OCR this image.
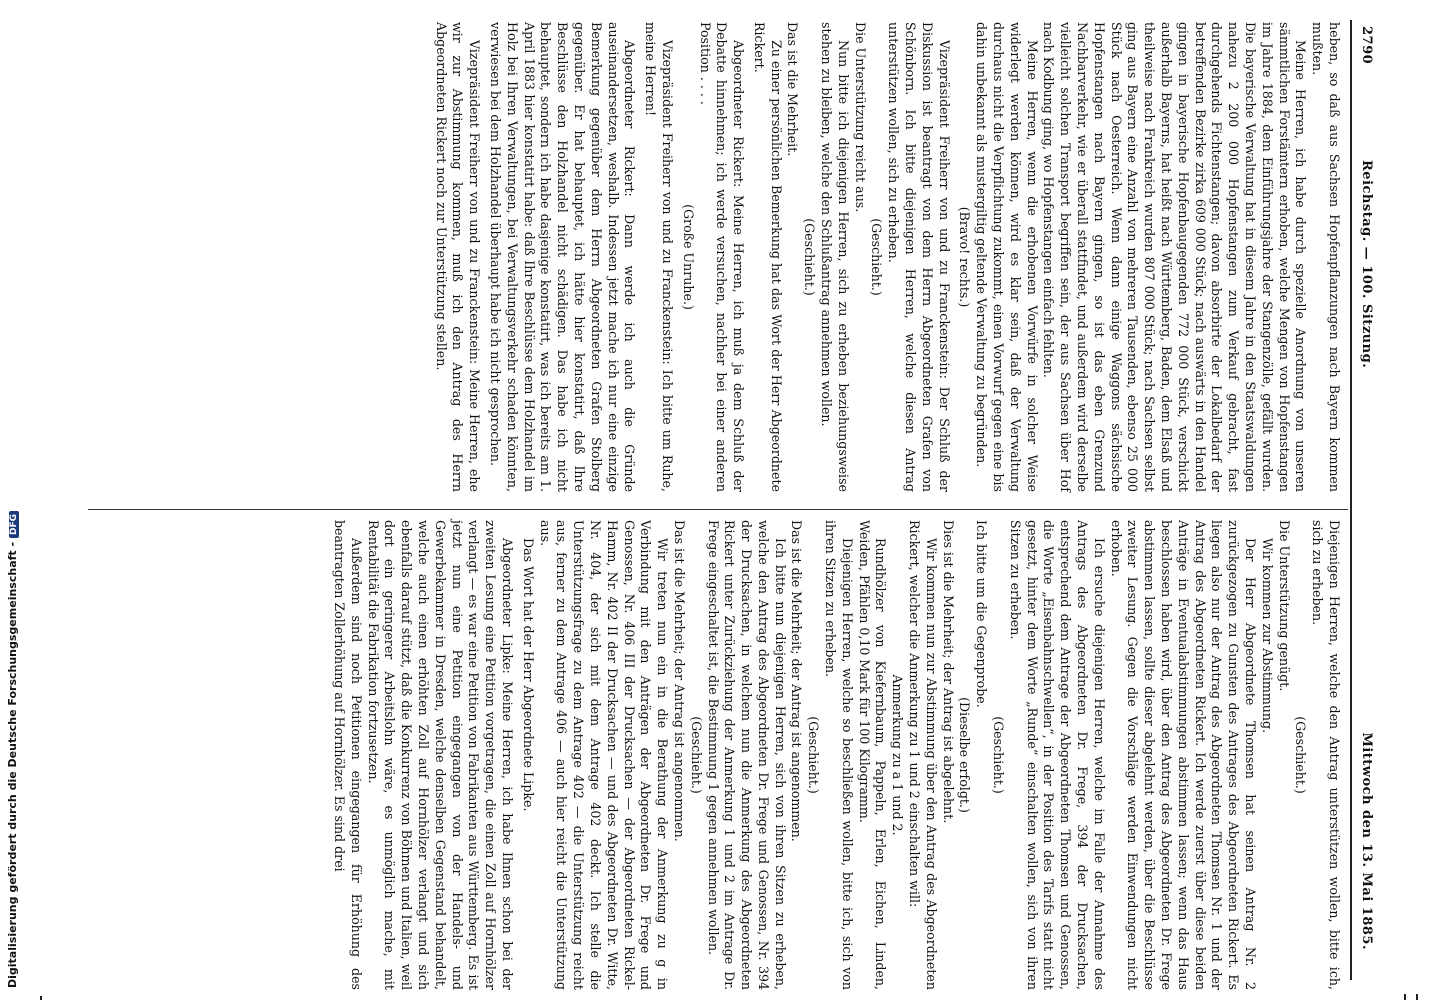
2790
Reichstag. — 100. Sitzung.
Mittwoch den 13. Mai 1885.

heben, so daß aus Sachsen Hopfenpflanzungen nach Bayern kommen mußten.

Meine Herren, ich habe durch spezielle Anordnung von unseren sämmtlichen Forstämtern erhoben, welche Mengen von Hopfenstangen im Jahre 1884, dem Einführungsjahre der Stangenzölle, gefällt wurden. Die bayerische Verwaltung hat in diesem Jahre in den Staatswaldungen nahezu 2 200 000 Hopfenstangen zum Verkauf gebracht, fast durchgehends Fichtenstangen; davon absorbirte der Lokalbedarf der betreffenden Bezirke zirka 609 000 Stück; nach auswärts in den Handel gingen in bayerische Hopfenbaugegenden 772 000 Stück, verschickt außerhalb Bayerns, hat heißt nach Württemberg, Baden, dem Elsaß und theilweise nach Frankreich wurden 807 000 Stück; nach Sachsen selbst ging aus Bayern eine Anzahl von mehreren Tausenden, ebenso 25 000 Stück nach Oesterreich. Wenn dann einige Waggons sächsische Hopfenstangen nach Bayern gingen, so ist das eben Grenzund Nachbarverkehr, wie er überall stattfindet, und außerdem wird derselbe vielleicht solchen Transport begriffen sein, der aus Sachsen über Hof nach Kodbung ging, wo Hopfenstangen einfach fehlten.

Meine Herren, wenn die erhobenen Vorwürfe in solcher Weise widerlegt werden können, wird es klar sein, daß der Verwaltung durchaus nicht die Verpflichtung zukommt, einen Vorwurf gegen eine bis dahin unbekannt als mustergiltig geltende Verwaltung zu begründen.

(Bravo! rechts.)

Vizepräsident Freiherr von und zu Franckenstein: Der Schluß der Diskussion ist beantragt von dem Herrn Abgeordneten Grafen von Schönborn. Ich bitte diejenigen Herren, welche diesen Antrag unterstützen wollen, sich zu erheben.

(Geschieht.)

Die Unterstützung reicht aus.

Nun bitte ich diejenigen Herren, sich zu erheben beziehungsweise stehen zu bleiben, welche den Schlußantrag annehmen wollen.

(Geschieht.)

Das ist die Mehrheit.

Zu einer persönlichen Bemerkung hat das Wort der Herr Abgeordnete Rickert.

Abgeordneter Rickert: Meine Herren, ich muß ja dem Schluß der Debatte hinnehmen; ich werde versuchen, nachher bei einer anderen Position . . . .

(Große Unruhe.)

Vizepräsident Freiherr von und zu Franckenstein: Ich bitte um Ruhe, meine Herren!

Abgeordneter Rickert: Dann werde ich auch die Gründe auseinandersetzen, weshalb. Indessen jetzt mache ich nur eine einzige Bemerkung gegenüber dem Herrn Abgeordneten Grafen Stolberg gegenüber. Er hat behauptet, ich hätte hier konstatirt, daß Ihre Beschlüsse den Holzhandel nicht schädigen. Das habe ich nicht behauptet, sondern ich habe dasjenige konstatirt, was ich bereits am 1. April 1883 hier konstatirt habe: daß Ihre Beschlüsse dem Holzhandel im Holz bei Ihren Verwaltungen, bei Verwaltungsverkehr schaden könnten, verwiesen bei dem Holzhandel überhaupt habe ich nicht gesprochen.

Vizepräsident Freiherr von und zu Franckenstein: Meine Herren, ehe wir zur Abstimmung kommen, muß ich den Antrag des Herrn Abgeordneten Rickert noch zur Unterstützung stellen.

Diejenigen Herren, welche den Antrag unterstützen wollen, bitte ich, sich zu erheben.

(Geschieht.)

Die Unterstützung genügt.

Wir kommen zur Abstimmung.

Der Herr Abgeordnete Thomsen hat seinen Antrag Nr. 2 zurückgezogen zu Gunsten des Antrages des Abgeordneten Rickert. Es liegen also nur der Antrag des Abgeordneten Thomsen Nr. 1 und der Antrag des Abgeordneten Rickert. Ich werde zuerst über diese beiden Anträge in Eventualabstimmungen abstimmen lassen; wenn das Haus beschlossen haben wird, über den Antrag des Abgeordneten Dr. Frege abstimmen lassen, sollte dieser abgelehnt werden, über die Beschlüsse zweiter Lesung. Gegen die Vorschläge werden Einwendungen nicht erhoben.

Ich ersuche diejenigen Herren, welche im Falle der Annahme des Antrags des Abgeordneten Dr. Frege, 394 der Drucksachen, entsprechend dem Antrage der Abgeordneten Thomsen und Genossen, die Worte „Eisenbahnschwellen“, in der Position des Tarifs statt nicht gesetzt, hinter dem Worte „Runde“ einschalten wollen, sich von ihren Sitzen zu erheben.

(Geschieht.)

Ich bitte um die Gegenprobe.

(Dieselbe erfolgt.)

Dies ist die Mehrheit; der Antrag ist abgelehnt.

Wir kommen nun zur Abstimmung über den Antrag des Abgeordneten Rickert, welcher die Anmerkung zu 1 und 2 einschalten will:

Anmerkung zu a 1 und 2.

Rundhölzer von Kiefernbaum, Pappeln, Erlen, Eichen, Linden, Weiden, Pfählen 0,10 Mark für 100 Kilogramm.

Diejenigen Herren, welche so beschließen wollen, bitte ich, sich von ihren Sitzen zu erheben.

(Geschieht.)

Das ist die Mehrheit; der Antrag ist angenommen.

Ich bitte nun diejenigen Herren, sich von ihren Sitzen zu erheben, welche den Antrag des Abgeordneten Dr. Frege und Genossen, Nr. 394 der Drucksachen, in welchem nun die Anmerkung des Abgeordneten Rickert unter Zurückziehung der Anmerkung 1 und 2 im Antrage Dr. Frege eingeschaltet ist, die Bestimmung 1 gegen annehmen wollen.

(Geschieht.)

Das ist die Mehrheit; der Antrag ist angenommen.

Wir treten nun ein in die Berathung der Anmerkung zu g in Verbindung mit den Anträgen der Abgeordneten Dr. Frege und Genossen, Nr. 406 III der Drucksachen — der Abgeordneten Rickel-Hamm, Nr. 402 II der Drucksachen — und des Abgeordneten Dr. Witte, Nr. 404, der sich mit dem Antrage 402 deckt. Ich stelle die Unterstützungsfrage zu dem Antrage 402 — die Unterstützung reicht aus, ferner zu dem Antrage 406 — auch hier reicht die Unterstützung aus.

Das Wort hat der Herr Abgeordnete Lipke.

Abgeordneter Lipke: Meine Herren, ich habe Ihnen schon bei der zweiten Lesung eine Petition vorgetragen, die einen Zoll auf Hornhölzer verlangt — es war eine Petition von Fabrikanten aus Württemberg. Es ist jetzt nun eine Petition eingegangen von der Handels- und Gewerbekammer in Dresden, welche denselben Gegenstand behandelt, welche auch einen erhöhten Zoll auf Hornhölzer verlangt und sich ebenfalls darauf stützt, daß die Konkurrenz von Böhmen und Italien, weil dort ein geringerer Arbeitslohn wäre, es unmöglich mache, mit Rentabilität die Fabrikation fortzusetzen.

Außerdem sind noch Petitionen eingegangen für Erhöhung des beantragten Zollerhöhung auf Hornhölzer. Es sind drei

Digitalisierung gefördert durch die Deutsche Forschungsgemeinschaft -DFG
